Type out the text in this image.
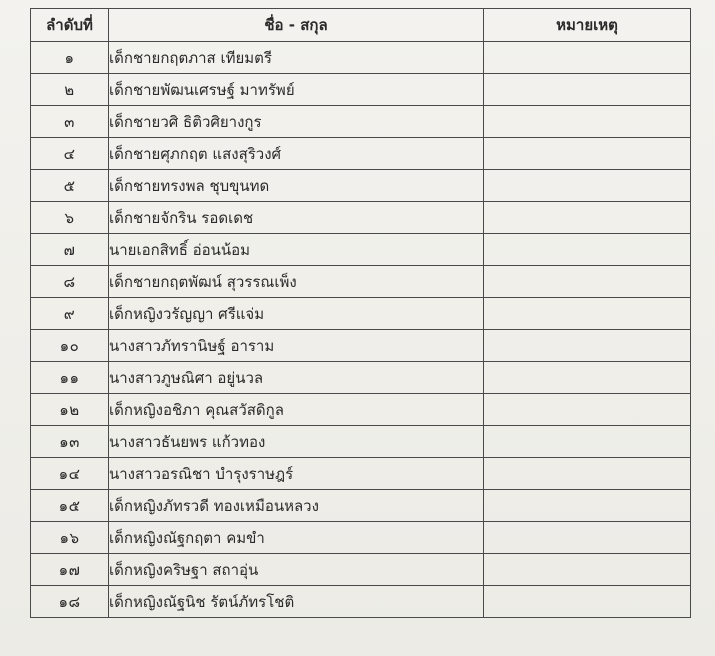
ลำดับที่	ชื่อ - สกุล	หมายเหตุ
๑	เด็กชายกฤตภาส เทียมตรี	
๒	เด็กชายพัฒนเศรษฐ์ มาทรัพย์	
๓	เด็กชายวศิ ธิติวศิยางกูร	
๔	เด็กชายศุภกฤต แสงสุริวงศ์	
๕	เด็กชายทรงพล ชุบขุนทด	
๖	เด็กชายจักริน รอดเดช	
๗	นายเอกสิทธิ์ อ่อนน้อม	
๘	เด็กชายกฤตพัฒน์ สุวรรณเพ็ง	
๙	เด็กหญิงวรัญญา ศรีแจ่ม	
๑๐	นางสาวภัทรานิษฐ์ อาราม	
๑๑	นางสาวภูษณิศา อยู่นวล	
๑๒	เด็กหญิงอชิภา คุณสวัสดิกูล	
๑๓	นางสาวธันยพร แก้วทอง	
๑๔	นางสาวอรณิชา บำรุงราษฎร์	
๑๕	เด็กหญิงภัทรวดี ทองเหมือนหลวง	
๑๖	เด็กหญิงณัฐกฤตา คมขำ	
๑๗	เด็กหญิงคริษฐา สถาอุ่น	
๑๘	เด็กหญิงณัฐนิช รัตน์ภัทรโชติ	
